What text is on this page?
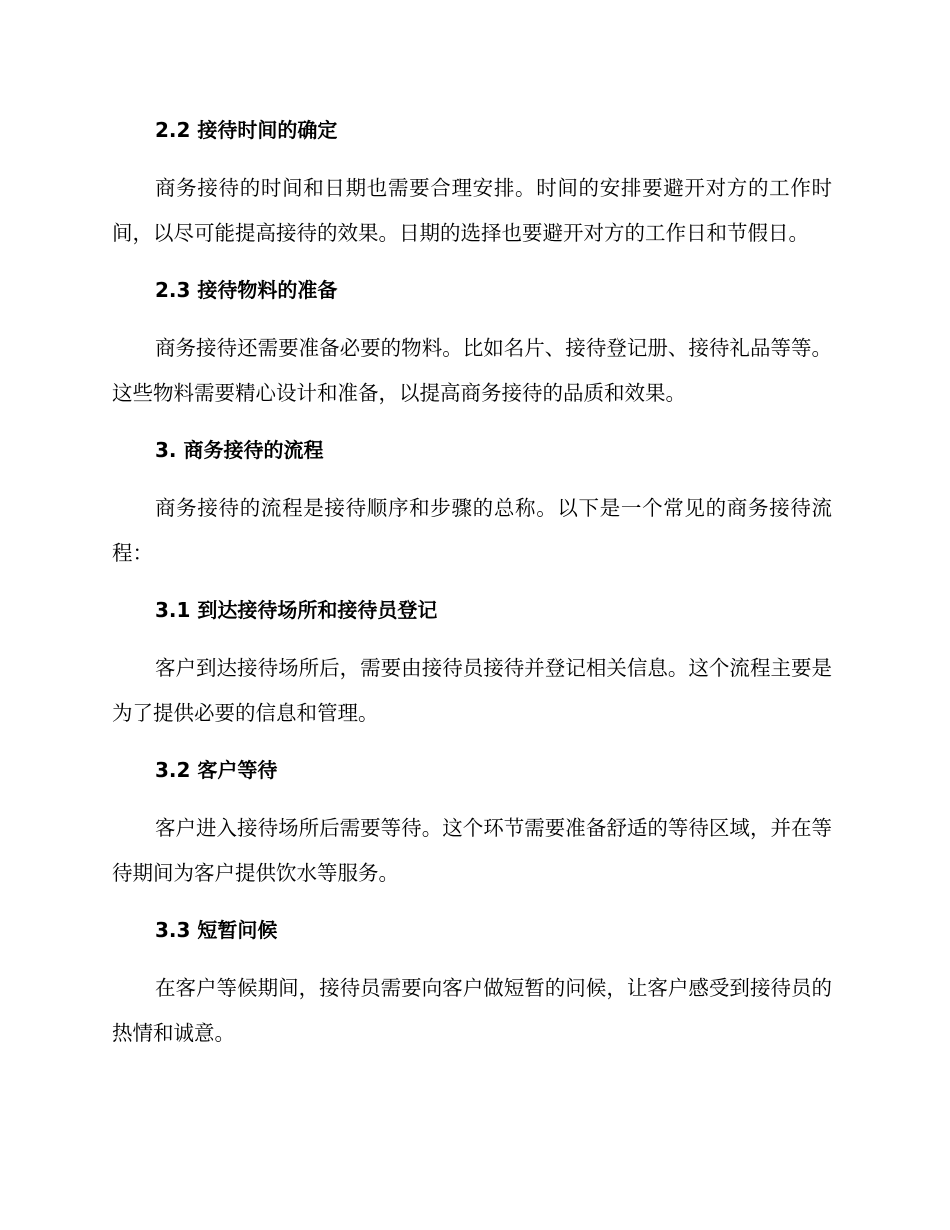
2.2 接待时间的确定

商务接待的时间和日期也需要合理安排。时间的安排要避开对方的工作时间，以尽可能提高接待的效果。日期的选择也要避开对方的工作日和节假日。

2.3 接待物料的准备

商务接待还需要准备必要的物料。比如名片、接待登记册、接待礼品等等。这些物料需要精心设计和准备，以提高商务接待的品质和效果。

3. 商务接待的流程

商务接待的流程是接待顺序和步骤的总称。以下是一个常见的商务接待流程：

3.1 到达接待场所和接待员登记

客户到达接待场所后，需要由接待员接待并登记相关信息。这个流程主要是为了提供必要的信息和管理。

3.2 客户等待

客户进入接待场所后需要等待。这个环节需要准备舒适的等待区域，并在等待期间为客户提供饮水等服务。

3.3 短暂问候

在客户等候期间，接待员需要向客户做短暂的问候，让客户感受到接待员的热情和诚意。
